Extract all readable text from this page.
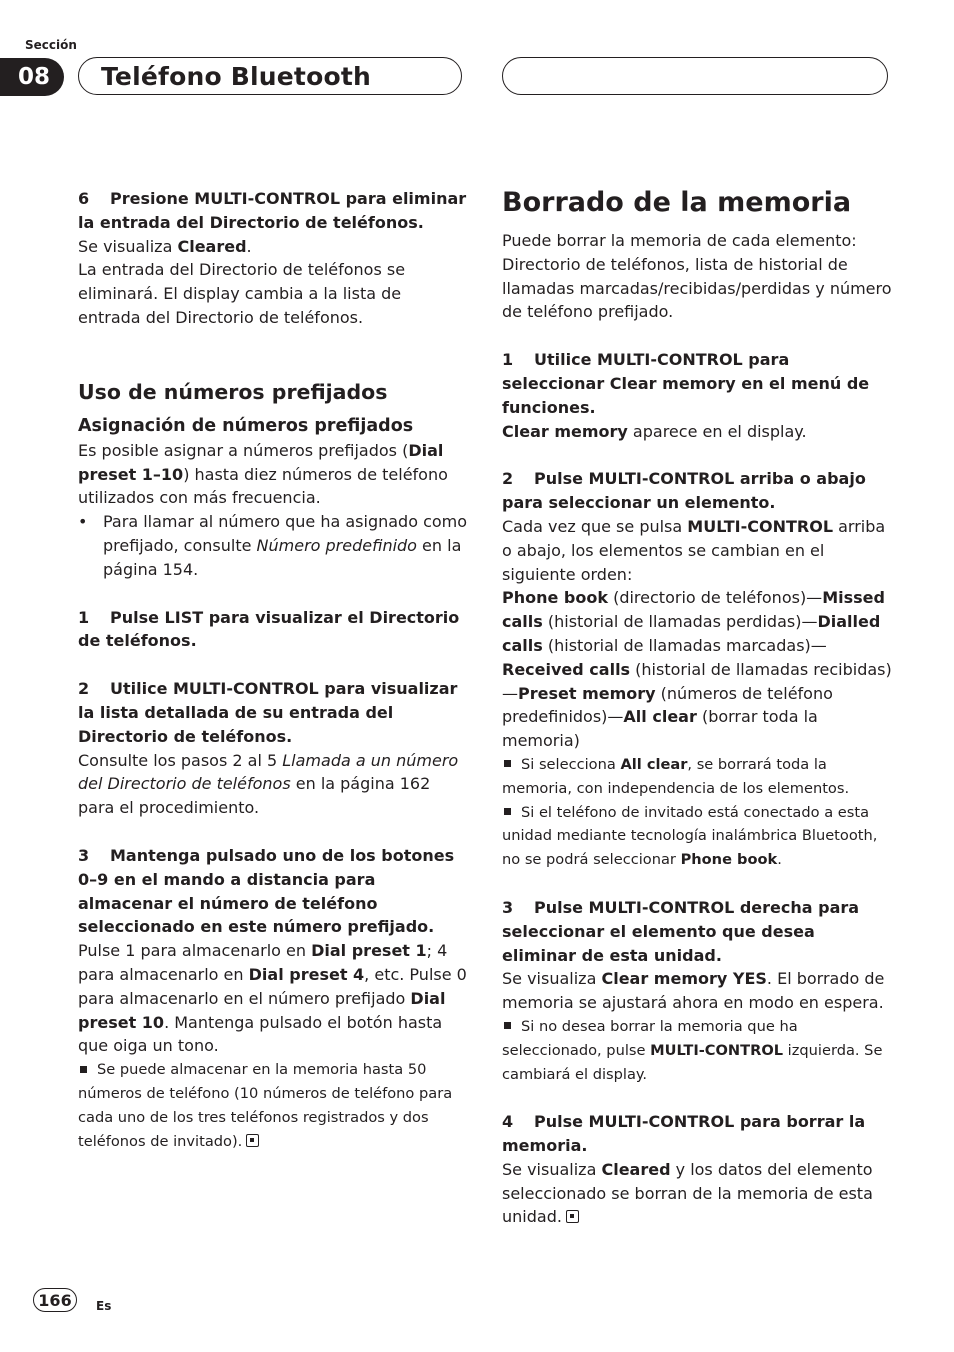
Sección
08	Teléfono Bluetooth

6 Presione MULTI-CONTROL para eliminar la entrada del Directorio de teléfonos.

Se visualiza Cleared.

La entrada del Directorio de teléfonos se eliminará. El display cambia a la lista de entrada del Directorio de teléfonos.

Uso de números prefijados

Asignación de números prefijados

Es posible asignar a números prefijados (Dial preset 1–10) hasta diez números de teléfono utilizados con más frecuencia.

• Para llamar al número que ha asignado como prefijado, consulte Número predefinido en la página 154.

1 Pulse LIST para visualizar el Directorio de teléfonos.

2 Utilice MULTI-CONTROL para visualizar la lista detallada de su entrada del Directorio de teléfonos.

Consulte los pasos 2 al 5 Llamada a un número del Directorio de teléfonos en la página 162 para el procedimiento.

3 Mantenga pulsado uno de los botones 0–9 en el mando a distancia para almacenar el número de teléfono seleccionado en este número prefijado.

Pulse 1 para almacenarlo en Dial preset 1; 4 para almacenarlo en Dial preset 4, etc. Pulse 0 para almacenarlo en el número prefijado Dial preset 10. Mantenga pulsado el botón hasta que oiga un tono.

Se puede almacenar en la memoria hasta 50 números de teléfono (10 números de teléfono para cada uno de los tres teléfonos registrados y dos teléfonos de invitado).

Borrado de la memoria

Puede borrar la memoria de cada elemento: Directorio de teléfonos, lista de historial de llamadas marcadas/recibidas/perdidas y número de teléfono prefijado.

1 Utilice MULTI-CONTROL para seleccionar Clear memory en el menú de funciones.

Clear memory aparece en el display.

2 Pulse MULTI-CONTROL arriba o abajo para seleccionar un elemento.

Cada vez que se pulsa MULTI-CONTROL arriba o abajo, los elementos se cambian en el siguiente orden:

Phone book (directorio de teléfonos)—Missed calls (historial de llamadas perdidas)—Dialled calls (historial de llamadas marcadas)—Received calls (historial de llamadas recibidas)—Preset memory (números de teléfono predefinidos)—All clear (borrar toda la memoria)

Si selecciona All clear, se borrará toda la memoria, con independencia de los elementos.

Si el teléfono de invitado está conectado a esta unidad mediante tecnología inalámbrica Bluetooth, no se podrá seleccionar Phone book.

3 Pulse MULTI-CONTROL derecha para seleccionar el elemento que desea eliminar de esta unidad.

Se visualiza Clear memory YES. El borrado de memoria se ajustará ahora en modo en espera.

Si no desea borrar la memoria que ha seleccionado, pulse MULTI-CONTROL izquierda. Se cambiará el display.

4 Pulse MULTI-CONTROL para borrar la memoria.

Se visualiza Cleared y los datos del elemento seleccionado se borran de la memoria de esta unidad.

166	Es
